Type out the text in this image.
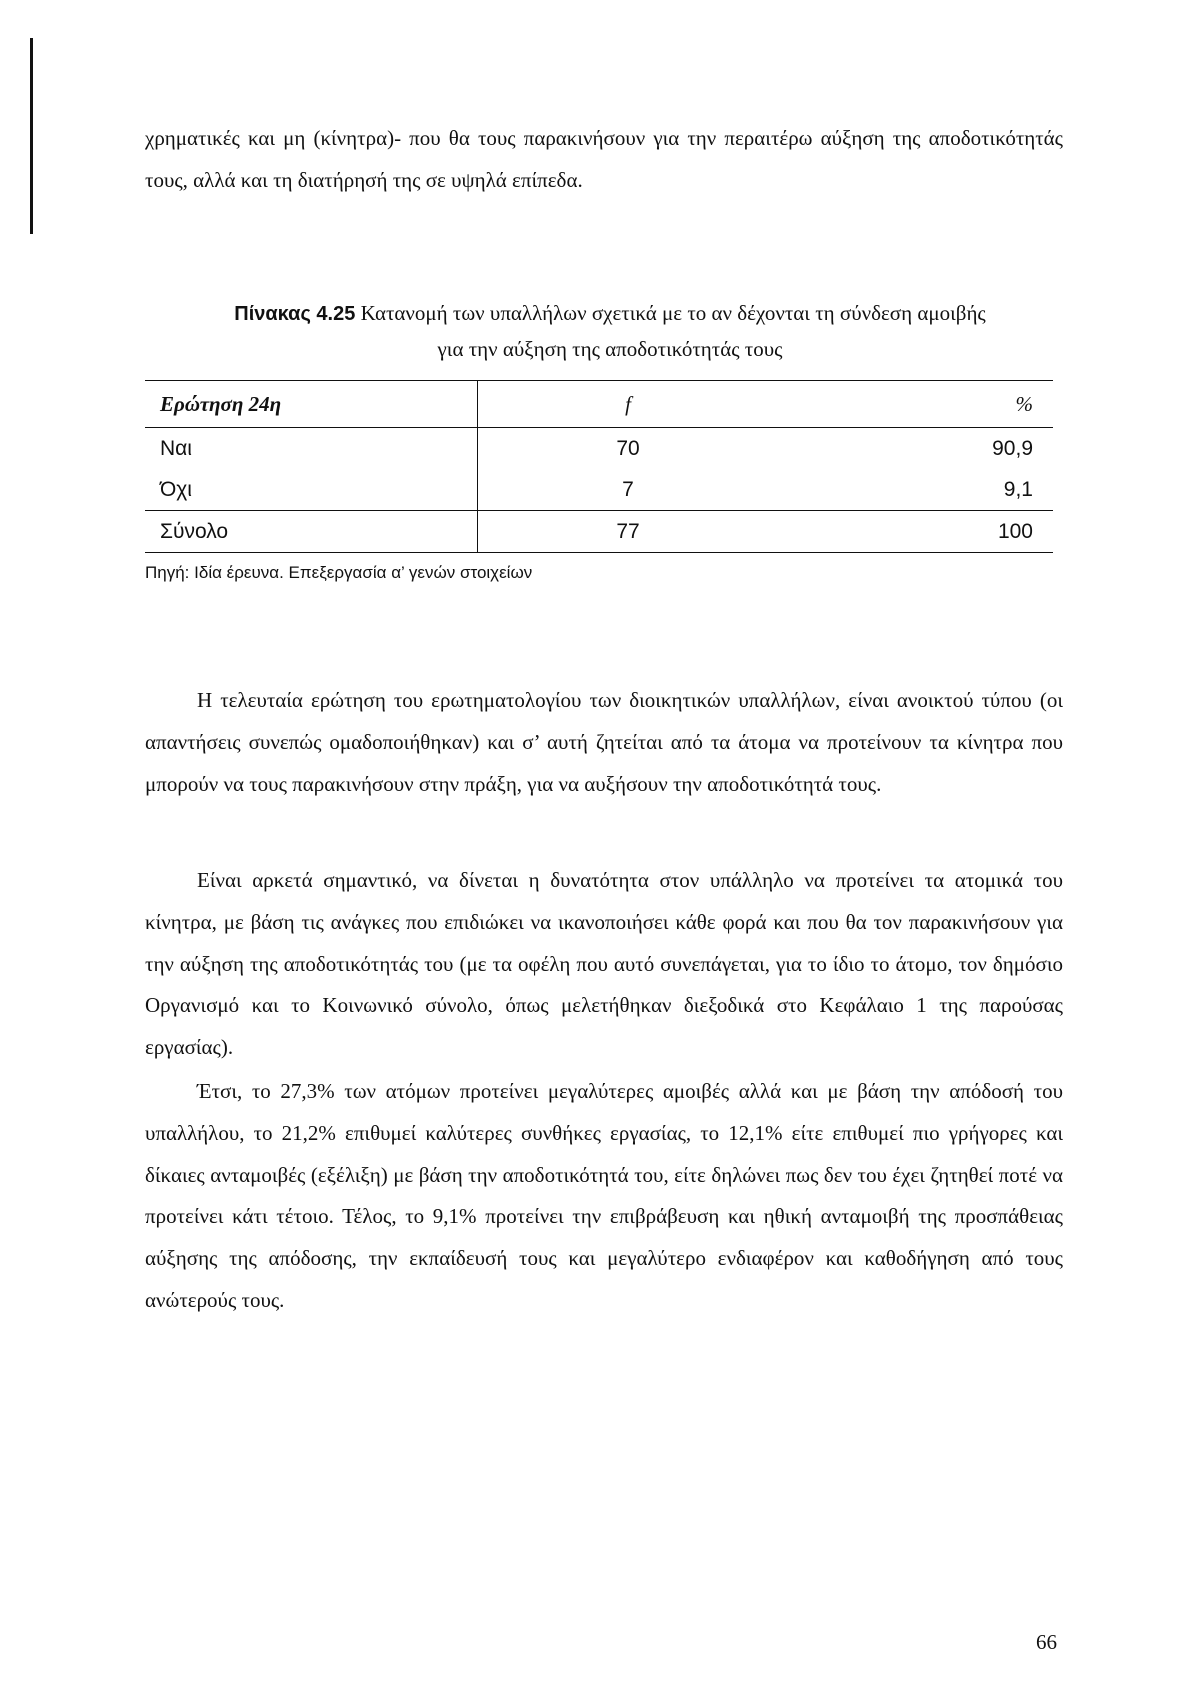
χρηματικές και μη (κίνητρα)- που θα τους παρακινήσουν για την περαιτέρω αύξηση της αποδοτικότητάς τους, αλλά και τη διατήρησή της σε υψηλά επίπεδα.

Πίνακας 4.25 Κατανομή των υπαλλήλων σχετικά με το αν δέχονται τη σύνδεση αμοιβής
για την αύξηση της αποδοτικότητάς τους
Ερώτηση 24η	f	%
Ναι	70	90,9
Όχι	7	9,1
Σύνολο	77	100
Πηγή: Ιδία έρευνα. Επεξεργασία α’ γενών στοιχείων

Η τελευταία ερώτηση του ερωτηματολογίου των διοικητικών υπαλλήλων, είναι ανοικτού τύπου (οι απαντήσεις συνεπώς ομαδοποιήθηκαν) και σ’ αυτή ζητείται από τα άτομα να προτείνουν τα κίνητρα που μπορούν να τους παρακινήσουν στην πράξη, για να αυξήσουν την αποδοτικότητά τους.

Είναι αρκετά σημαντικό, να δίνεται η δυνατότητα στον υπάλληλο να προτείνει τα ατομικά του κίνητρα, με βάση τις ανάγκες που επιδιώκει να ικανοποιήσει κάθε φορά και που θα τον παρακινήσουν για την αύξηση της αποδοτικότητάς του (με τα οφέλη που αυτό συνεπάγεται, για το ίδιο το άτομο, τον δημόσιο Οργανισμό και το Κοινωνικό σύνολο, όπως μελετήθηκαν διεξοδικά στο Κεφάλαιο 1 της παρούσας εργασίας).

Έτσι, το 27,3% των ατόμων προτείνει μεγαλύτερες αμοιβές αλλά και με βάση την απόδοσή του υπαλλήλου, το 21,2% επιθυμεί καλύτερες συνθήκες εργασίας, το 12,1% είτε επιθυμεί πιο γρήγορες και δίκαιες ανταμοιβές (εξέλιξη) με βάση την αποδοτικότητά του, είτε δηλώνει πως δεν του έχει ζητηθεί ποτέ να προτείνει κάτι τέτοιο. Τέλος, το 9,1% προτείνει την επιβράβευση και ηθική ανταμοιβή της προσπάθειας αύξησης της απόδοσης, την εκπαίδευσή τους και μεγαλύτερο ενδιαφέρον και καθοδήγηση από τους ανώτερούς τους.

66
